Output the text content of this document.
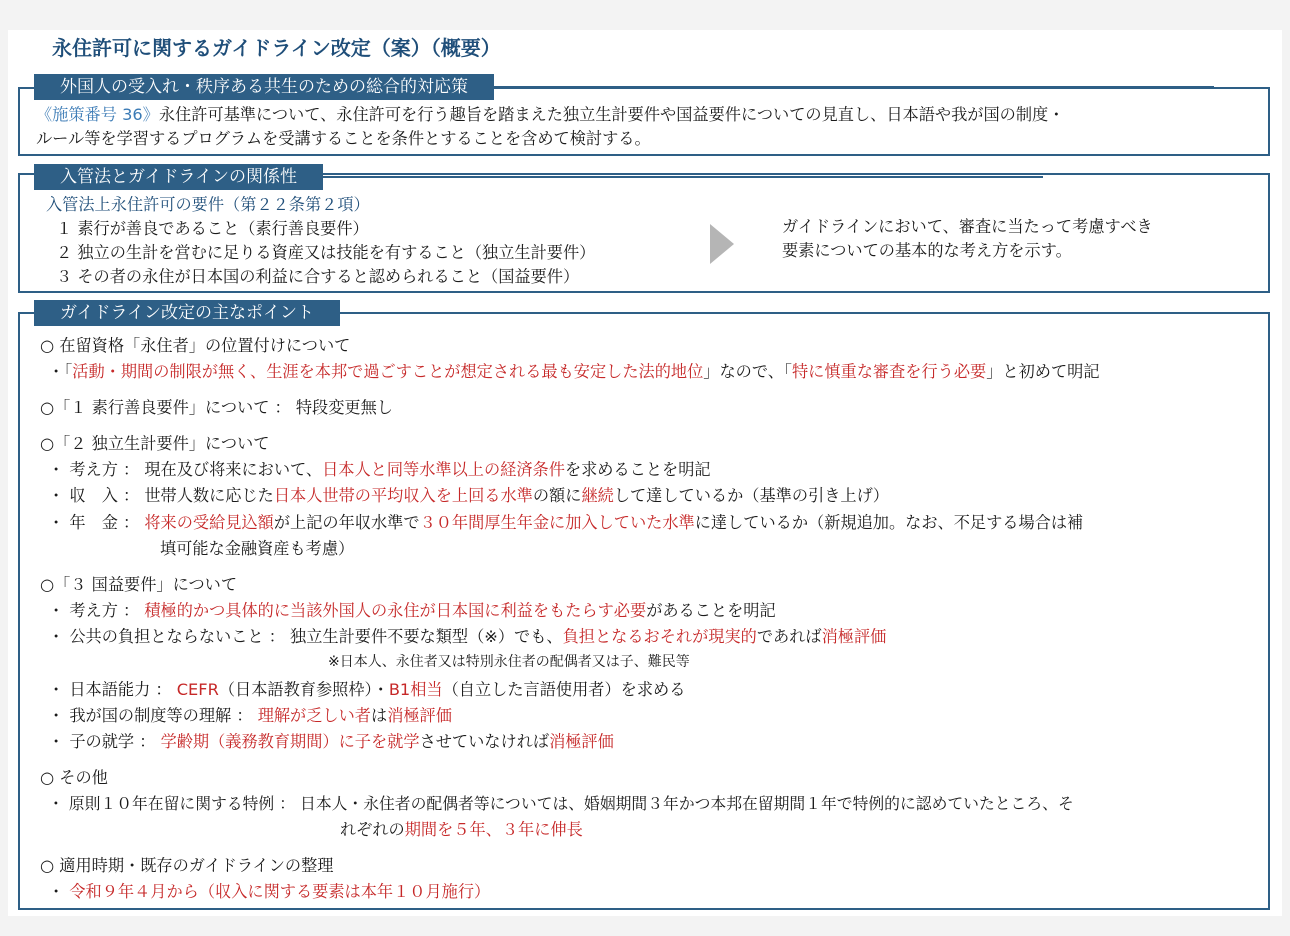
永住許可に関するガイドライン改定（案）（概要）
外国人の受入れ・秩序ある共生のための総合的対応策
《施策番号 36》永住許可基準について、永住許可を行う趣旨を踏まえた独立生計要件や国益要件についての見直し、日本語や我が国の制度・
ルール等を学習するプログラムを受講することを条件とすることを含めて検討する。
入管法とガイドラインの関係性
入管法上永住許可の要件（第２２条第２項）
１ 素行が善良であること（素行善良要件）
２ 独立の生計を営むに足りる資産又は技能を有すること（独立生計要件）
３ その者の永住が日本国の利益に合すると認められること（国益要件）
ガイドラインにおいて、審査に当たって考慮すべき
要素についての基本的な考え方を示す。
ガイドライン改定の主なポイント
○ 在留資格「永住者」の位置付けについて
・「活動・期間の制限が無く、生涯を本邦で過ごすことが想定される最も安定した法的地位」なので、「特に慎重な審査を行う必要」と初めて明記
○「１ 素行善良要件」について ： 特段変更無し
○「２ 独立生計要件」について
・ 考え方 ： 現在及び将来において、日本人と同等水準以上の経済条件を求めることを明記
・ 収　入 ： 世帯人数に応じた日本人世帯の平均収入を上回る水準の額に継続して達しているか（基準の引き上げ）
・ 年　金 ： 将来の受給見込額が上記の年収水準で３０年間厚生年金に加入していた水準に達しているか（新規追加。なお、不足する場合は補
填可能な金融資産も考慮）
○「３ 国益要件」について
・ 考え方 ： 積極的かつ具体的に当該外国人の永住が日本国に利益をもたらす必要があることを明記
・ 公共の負担とならないこと ： 独立生計要件不要な類型（※）でも、負担となるおそれが現実的であれば消極評価
※日本人、永住者又は特別永住者の配偶者又は子、難民等
・ 日本語能力 ： CEFR（日本語教育参照枠）・B1相当（自立した言語使用者）を求める
・ 我が国の制度等の理解 ： 理解が乏しい者は消極評価
・ 子の就学 ： 学齢期（義務教育期間）に子を就学させていなければ消極評価
○ その他
・ 原則１０年在留に関する特例 ： 日本人・永住者の配偶者等については、婚姻期間３年かつ本邦在留期間１年で特例的に認めていたところ、そ
れぞれの期間を５年、３年に伸長
○ 適用時期・既存のガイドラインの整理
・ 令和９年４月から（収入に関する要素は本年１０月施行）
